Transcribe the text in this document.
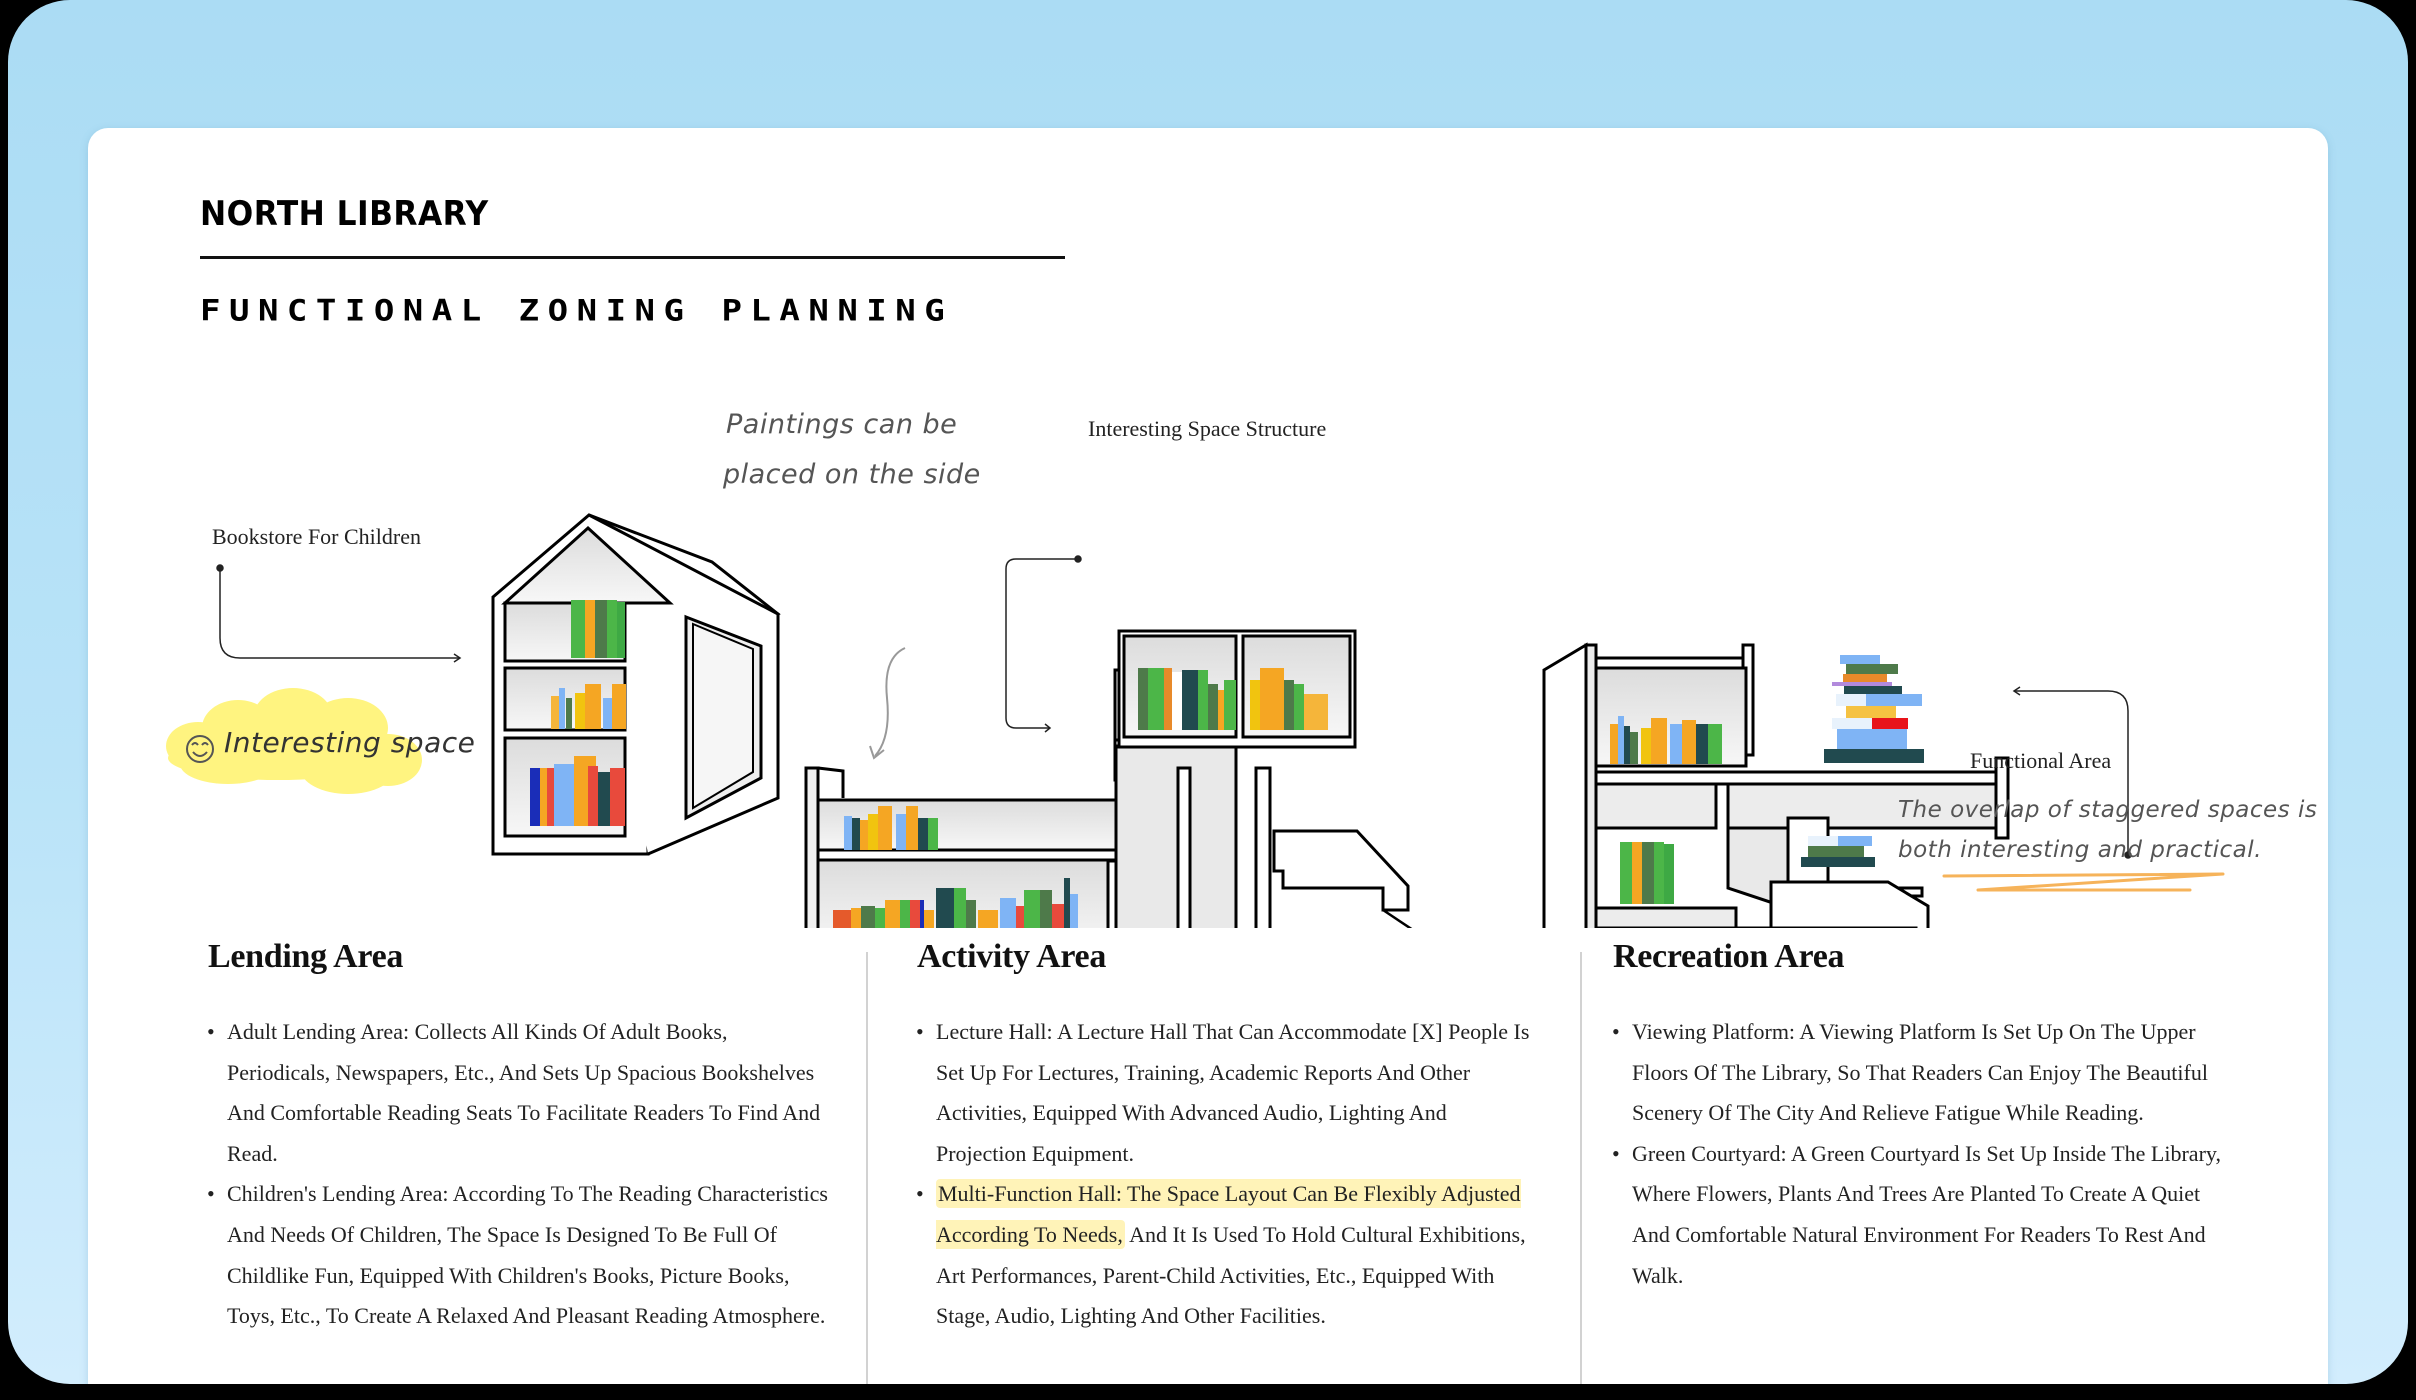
NORTH LIBRARY
FUNCTIONAL ZONING PLANNING
Bookstore For Children
Interesting Space Structure
Functional Area
Interesting space
Paintings can be
placed on the side
The overlap of staggered spaces is
both interesting and practical.
Lending Area
• Adult Lending Area: Collects All Kinds Of Adult Books, Periodicals, Newspapers, Etc., And Sets Up Spacious Bookshelves And Comfortable Reading Seats To Facilitate Readers To Find And Read.
• Children's Lending Area: According To The Reading Characteristics And Needs Of Children, The Space Is Designed To Be Full Of Childlike Fun, Equipped With Children's Books, Picture Books, Toys, Etc., To Create A Relaxed And Pleasant Reading Atmosphere.
Activity Area
• Lecture Hall: A Lecture Hall That Can Accommodate [X] People Is Set Up For Lectures, Training, Academic Reports And Other Activities, Equipped With Advanced Audio, Lighting And Projection Equipment.
• Multi-Function Hall: The Space Layout Can Be Flexibly Adjusted According To Needs, And It Is Used To Hold Cultural Exhibitions, Art Performances, Parent-Child Activities, Etc., Equipped With Stage, Audio, Lighting And Other Facilities.
Recreation Area
• Viewing Platform: A Viewing Platform Is Set Up On The Upper Floors Of The Library, So That Readers Can Enjoy The Beautiful Scenery Of The City And Relieve Fatigue While Reading.
• Green Courtyard: A Green Courtyard Is Set Up Inside The Library, Where Flowers, Plants And Trees Are Planted To Create A Quiet And Comfortable Natural Environment For Readers To Rest And Walk.
